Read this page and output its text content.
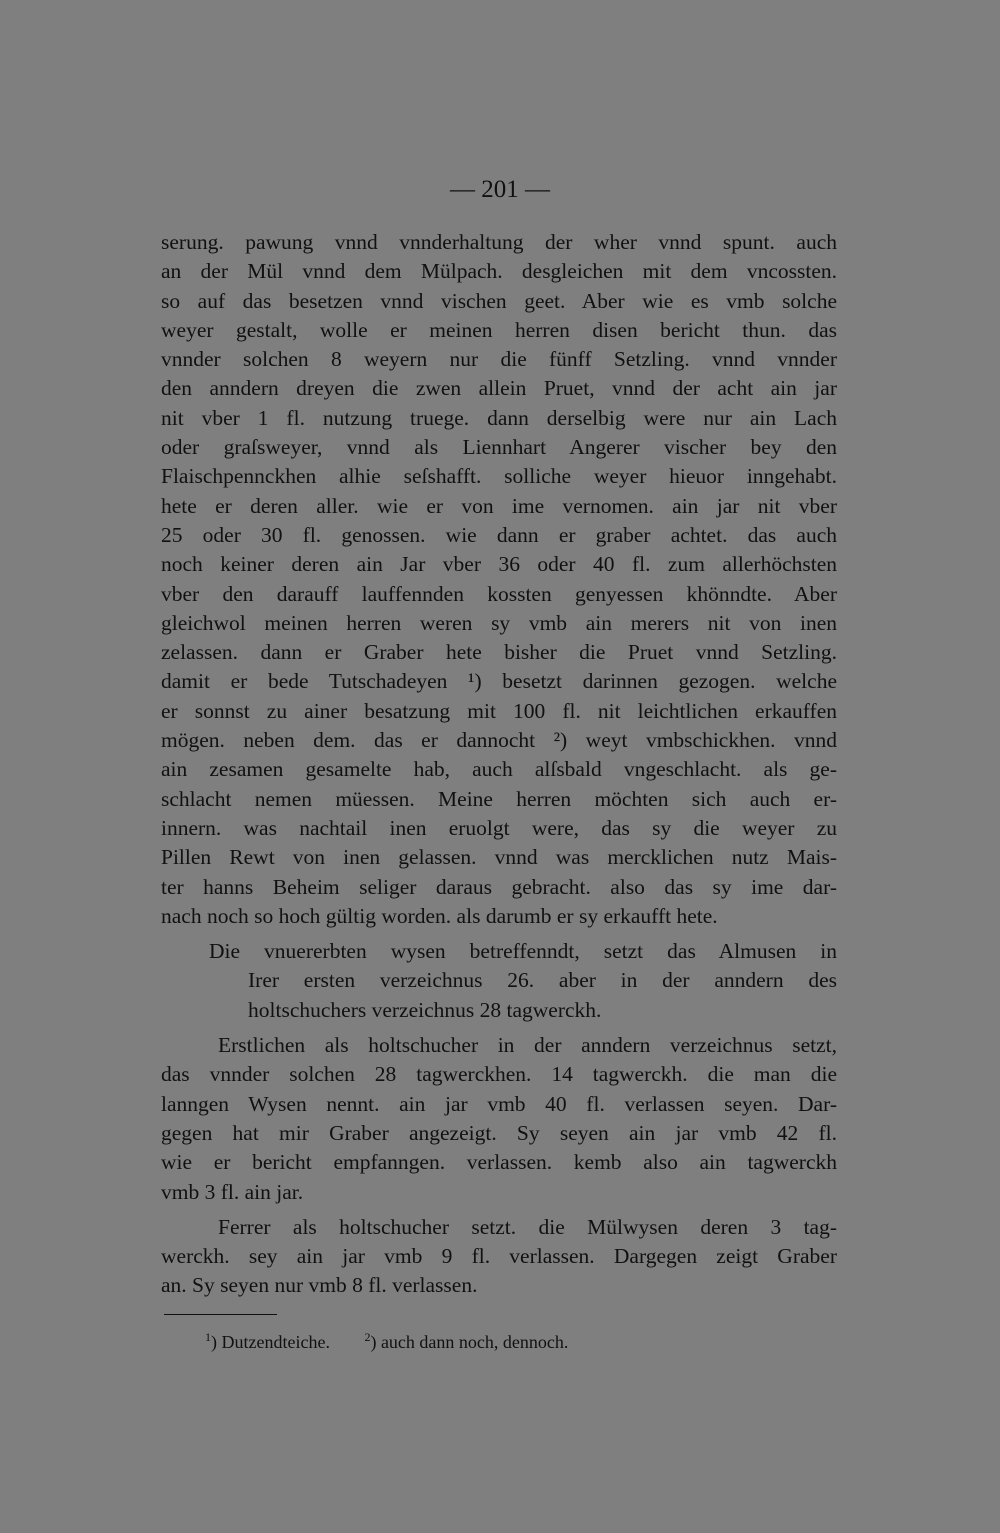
— 201 —
serung. pawung vnnd vnnderhaltung der wher vnnd spunt. auch
an der Mül vnnd dem Mülpach. desgleichen mit dem vncossten.
so auf das besetzen vnnd vischen geet. Aber wie es vmb solche
weyer gestalt, wolle er meinen herren disen bericht thun. das
vnnder solchen 8 weyern nur die fünff Setzling. vnnd vnnder
den anndern dreyen die zwen allein Pruet, vnnd der acht ain jar
nit vber 1 fl. nutzung truege. dann derselbig were nur ain Lach
oder graſsweyer, vnnd als Liennhart Angerer vischer bey den
Flaischpennckhen alhie seſshafft. solliche weyer hieuor inngehabt.
hete er deren aller. wie er von ime vernomen. ain jar nit vber
25 oder 30 fl. genossen. wie dann er graber achtet. das auch
noch keiner deren ain Jar vber 36 oder 40 fl. zum allerhöchsten
vber den darauff lauffennden kossten genyessen khönndte. Aber
gleichwol meinen herren weren sy vmb ain merers nit von inen
zelassen. dann er Graber hete bisher die Pruet vnnd Setzling.
damit er bede Tutschadeyen ¹) besetzt darinnen gezogen. welche
er sonnst zu ainer besatzung mit 100 fl. nit leichtlichen erkauffen
mögen. neben dem. das er dannocht ²) weyt vmbschickhen. vnnd
ain zesamen gesamelte hab, auch alſsbald vngeschlacht. als ge-
schlacht nemen müessen. Meine herren möchten sich auch er-
innern. was nachtail inen eruolgt were, das sy die weyer zu
Pillen Rewt von inen gelassen. vnnd was mercklichen nutz Mais-
ter hanns Beheim seliger daraus gebracht. also das sy ime dar-
nach noch so hoch gültig worden. als darumb er sy erkaufft hete.
Die vnuererbten wysen betreffenndt, setzt das Almusen in
Irer ersten verzeichnus 26. aber in der anndern des
holtschuchers verzeichnus 28 tagwerckh.
Erstlichen als holtschucher in der anndern verzeichnus setzt,
das vnnder solchen 28 tagwerckhen. 14 tagwerckh. die man die
lanngen Wysen nennt. ain jar vmb 40 fl. verlassen seyen. Dar-
gegen hat mir Graber angezeigt. Sy seyen ain jar vmb 42 fl.
wie er bericht empfanngen. verlassen. kemb also ain tagwerckh
vmb 3 fl. ain jar.
Ferrer als holtschucher setzt. die Mülwysen deren 3 tag-
werckh. sey ain jar vmb 9 fl. verlassen. Dargegen zeigt Graber
an. Sy seyen nur vmb 8 fl. verlassen.
$^1$) Dutzendteiche.	$^2$) auch dann noch, dennoch.
